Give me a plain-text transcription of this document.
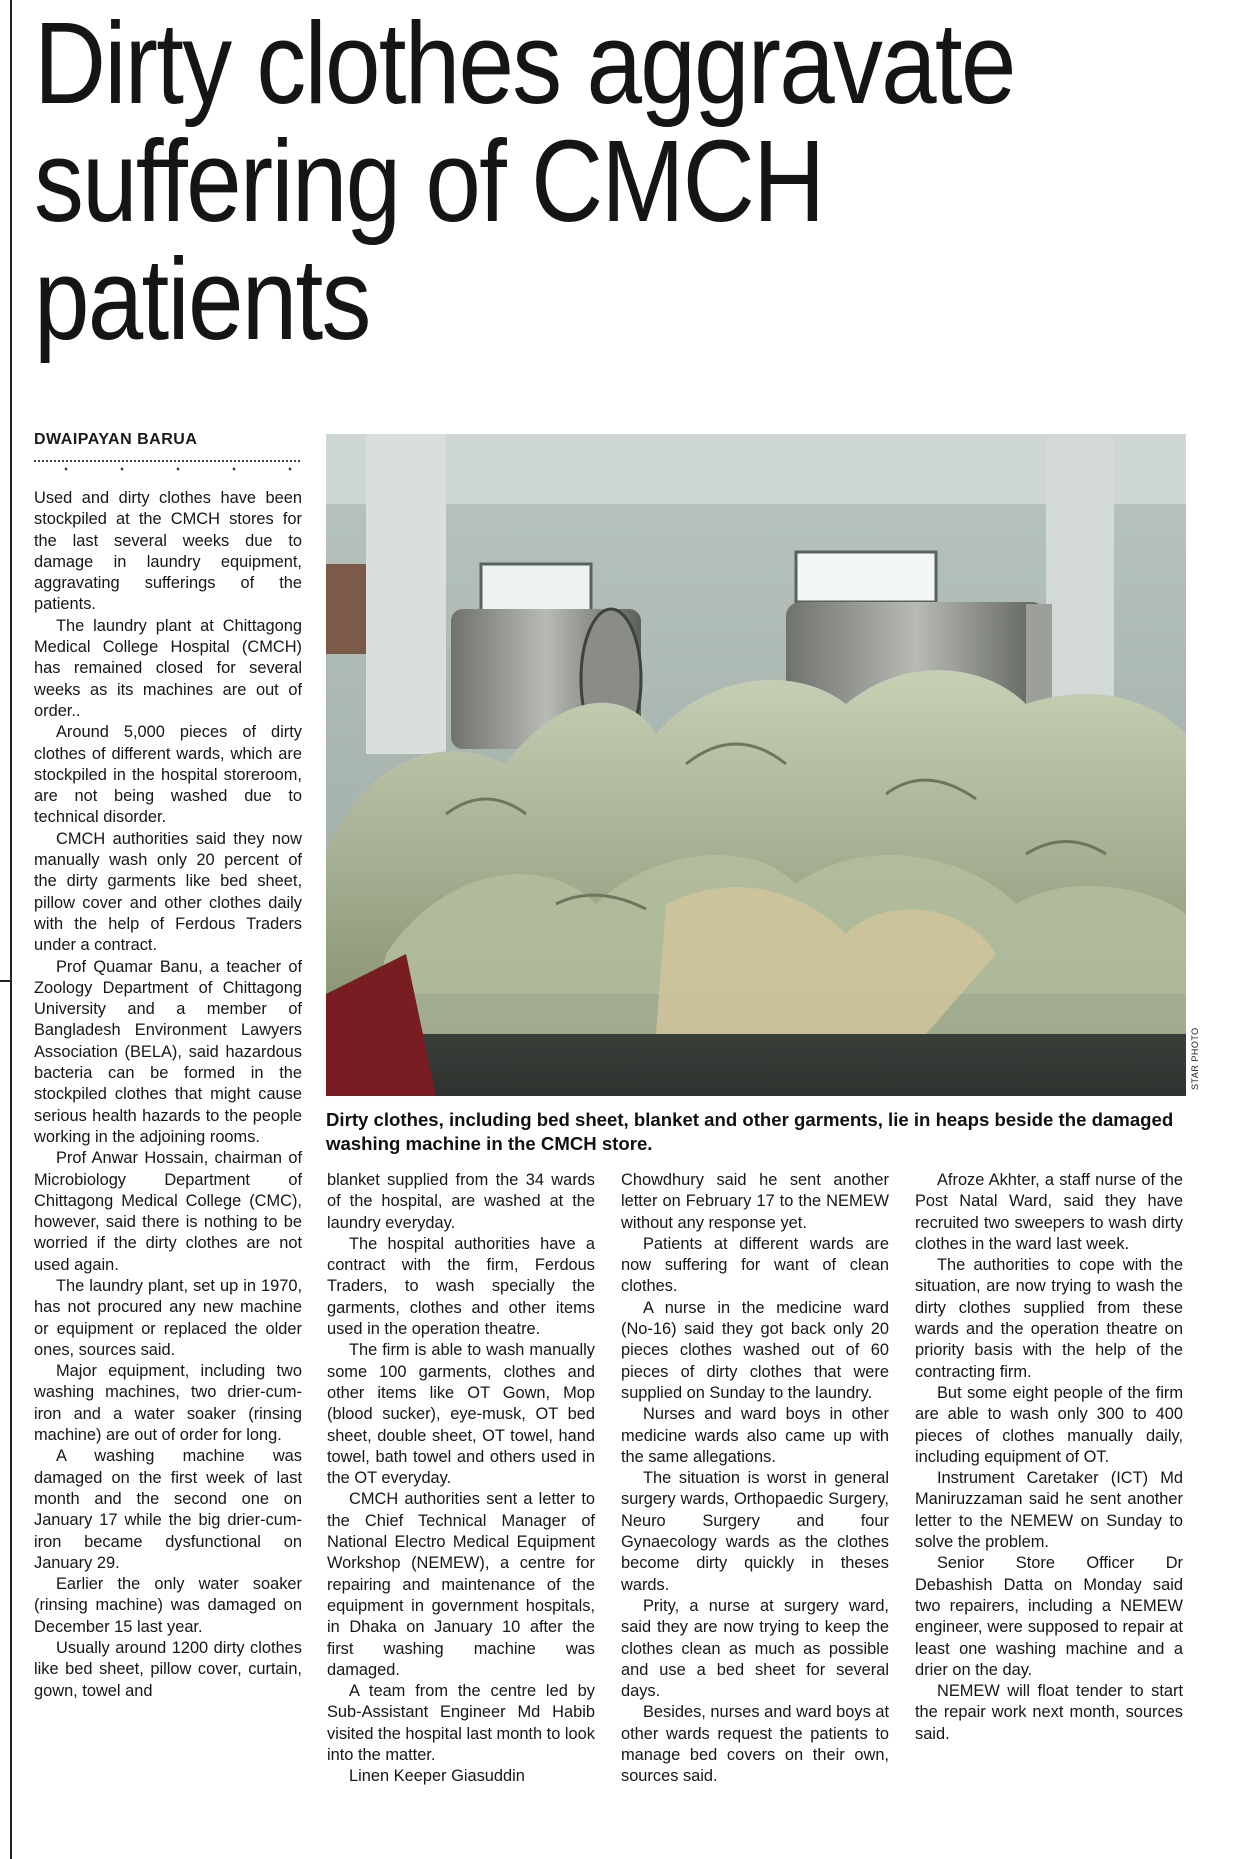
Dirty clothes aggravate
suffering of CMCH
patients
DWAIPAYAN BARUA

Used and dirty clothes have been stockpiled at the CMCH stores for the last several weeks due to damage in laundry equipment, aggravating sufferings of the patients.

The laundry plant at Chittagong Medical College Hospital (CMCH) has remained closed for several weeks as its machines are out of order..

Around 5,000 pieces of dirty clothes of different wards, which are stockpiled in the hospital storeroom, are not being washed due to technical disorder.

CMCH authorities said they now manually wash only 20 percent of the dirty garments like bed sheet, pillow cover and other clothes daily with the help of Ferdous Traders under a contract.

Prof Quamar Banu, a teacher of Zoology Department of Chittagong University and a member of Bangladesh Environment Lawyers Association (BELA), said hazardous bacteria can be formed in the stockpiled clothes that might cause serious health hazards to the people working in the adjoining rooms.

Prof Anwar Hossain, chairman of Microbiology Department of Chittagong Medical College (CMC), however, said there is nothing to be worried if the dirty clothes are not used again.

The laundry plant, set up in 1970, has not procured any new machine or equipment or replaced the older ones, sources said.

Major equipment, including two washing machines, two drier-cum-iron and a water soaker (rinsing machine) are out of order for long.

A washing machine was damaged on the first week of last month and the second one on January 17 while the big drier-cum-iron became dysfunctional on January 29.

Earlier the only water soaker (rinsing machine) was damaged on December 15 last year.

Usually around 1200 dirty clothes like bed sheet, pillow cover, curtain, gown, towel and

STAR PHOTO

Dirty clothes, including bed sheet, blanket and other garments, lie in heaps beside the damaged washing machine in the CMCH store.

blanket supplied from the 34 wards of the hospital, are washed at the laundry everyday.

The hospital authorities have a contract with the firm, Ferdous Traders, to wash specially the garments, clothes and other items used in the operation theatre.

The firm is able to wash manually some 100 garments, clothes and other items like OT Gown, Mop (blood sucker), eye-musk, OT bed sheet, double sheet, OT towel, hand towel, bath towel and others used in the OT everyday.

CMCH authorities sent a letter to the Chief Technical Manager of National Electro Medical Equipment Workshop (NEMEW), a centre for repairing and maintenance of the equipment in government hospitals, in Dhaka on January 10 after the first washing machine was damaged.

A team from the centre led by Sub-Assistant Engineer Md Habib visited the hospital last month to look into the matter.

Linen Keeper Giasuddin

Chowdhury said he sent another letter on February 17 to the NEMEW without any response yet.

Patients at different wards are now suffering for want of clean clothes.

A nurse in the medicine ward (No-16) said they got back only 20 pieces clothes washed out of 60 pieces of dirty clothes that were supplied on Sunday to the laundry.

Nurses and ward boys in other medicine wards also came up with the same allegations.

The situation is worst in general surgery wards, Orthopaedic Surgery, Neuro Surgery and four Gynaecology wards as the clothes become dirty quickly in theses wards.

Prity, a nurse at surgery ward, said they are now trying to keep the clothes clean as much as possible and use a bed sheet for several days.

Besides, nurses and ward boys at other wards request the patients to manage bed covers on their own, sources said.

Afroze Akhter, a staff nurse of the Post Natal Ward, said they have recruited two sweepers to wash dirty clothes in the ward last week.

The authorities to cope with the situation, are now trying to wash the dirty clothes supplied from these wards and the operation theatre on priority basis with the help of the contracting firm.

But some eight people of the firm are able to wash only 300 to 400 pieces of clothes manually daily, including equipment of OT.

Instrument Caretaker (ICT) Md Maniruzzaman said he sent another letter to the NEMEW on Sunday to solve the problem.

Senior Store Officer Dr Debashish Datta on Monday said two repairers, including a NEMEW engineer, were supposed to repair at least one washing machine and a drier on the day.

NEMEW will float tender to start the repair work next month, sources said.
